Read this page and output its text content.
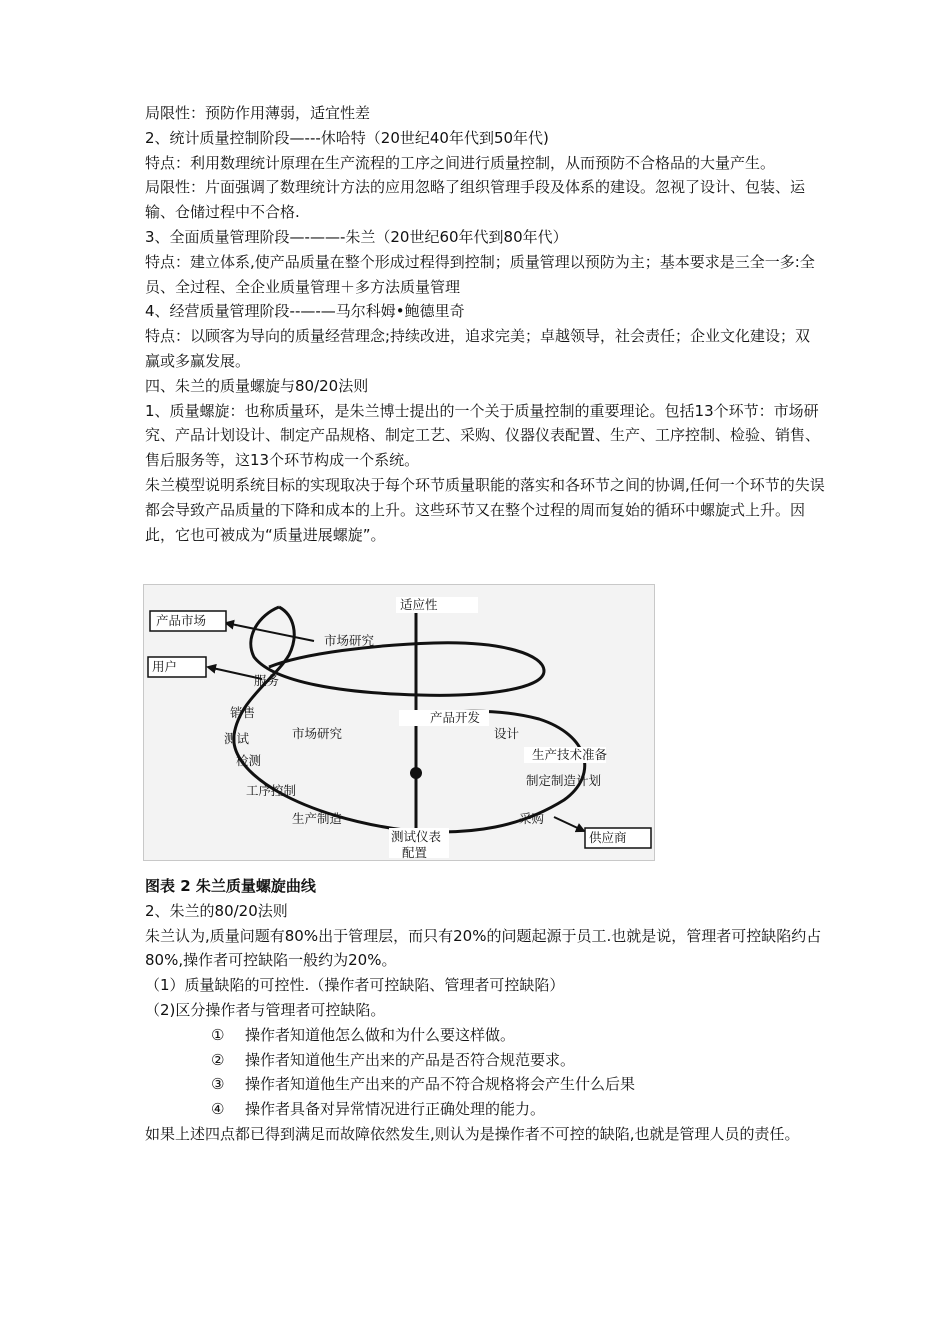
局限性：预防作用薄弱，适宜性差

2、统计质量控制阶段—---休哈特（20世纪40年代到50年代)

特点：利用数理统计原理在生产流程的工序之间进行质量控制，从而预防不合格品的大量产生。

局限性：片面强调了数理统计方法的应用忽略了组织管理手段及体系的建设。忽视了设计、包装、运输、仓储过程中不合格.

3、全面质量管理阶段—-——-朱兰（20世纪60年代到80年代）

特点：建立体系,使产品质量在整个形成过程得到控制；质量管理以预防为主；基本要求是三全一多:全员、全过程、全企业质量管理＋多方法质量管理

4、经营质量管理阶段--—-—马尔科姆•鲍德里奇

特点：以顾客为导向的质量经营理念;持续改进，追求完美；卓越领导，社会责任；企业文化建设；双赢或多赢发展。

四、朱兰的质量螺旋与80/20法则

1、质量螺旋：也称质量环，是朱兰博士提出的一个关于质量控制的重要理论。包括13个环节：市场研究、产品计划设计、制定产品规格、制定工艺、采购、仪器仪表配置、生产、工序控制、检验、销售、售后服务等，这13个环节构成一个系统。

朱兰模型说明系统目标的实现取决于每个环节质量职能的落实和各环节之间的协调,任何一个环节的失误都会导致产品质量的下降和成本的上升。这些环节又在整个过程的周而复始的循环中螺旋式上升。因此，它也可被成为“质量进展螺旋”。

适应性
产品市场
市场研究
用户
服务
销售
测试
检测
产品开发
市场研究	设计
生产技术准备
制定制造计划
工序控制
生产制造	采购
供应商
测试仪表
配置

图表 2 朱兰质量螺旋曲线

2、朱兰的80/20法则

朱兰认为,质量问题有80%出于管理层，而只有20%的问题起源于员工.也就是说，管理者可控缺陷约占80%,操作者可控缺陷一般约为20%。

（1）质量缺陷的可控性.（操作者可控缺陷、管理者可控缺陷）

（2)区分操作者与管理者可控缺陷。

① 操作者知道他怎么做和为什么要这样做。

② 操作者知道他生产出来的产品是否符合规范要求。

③ 操作者知道他生产出来的产品不符合规格将会产生什么后果

④ 操作者具备对异常情况进行正确处理的能力。

如果上述四点都已得到满足而故障依然发生,则认为是操作者不可控的缺陷,也就是管理人员的责任。
